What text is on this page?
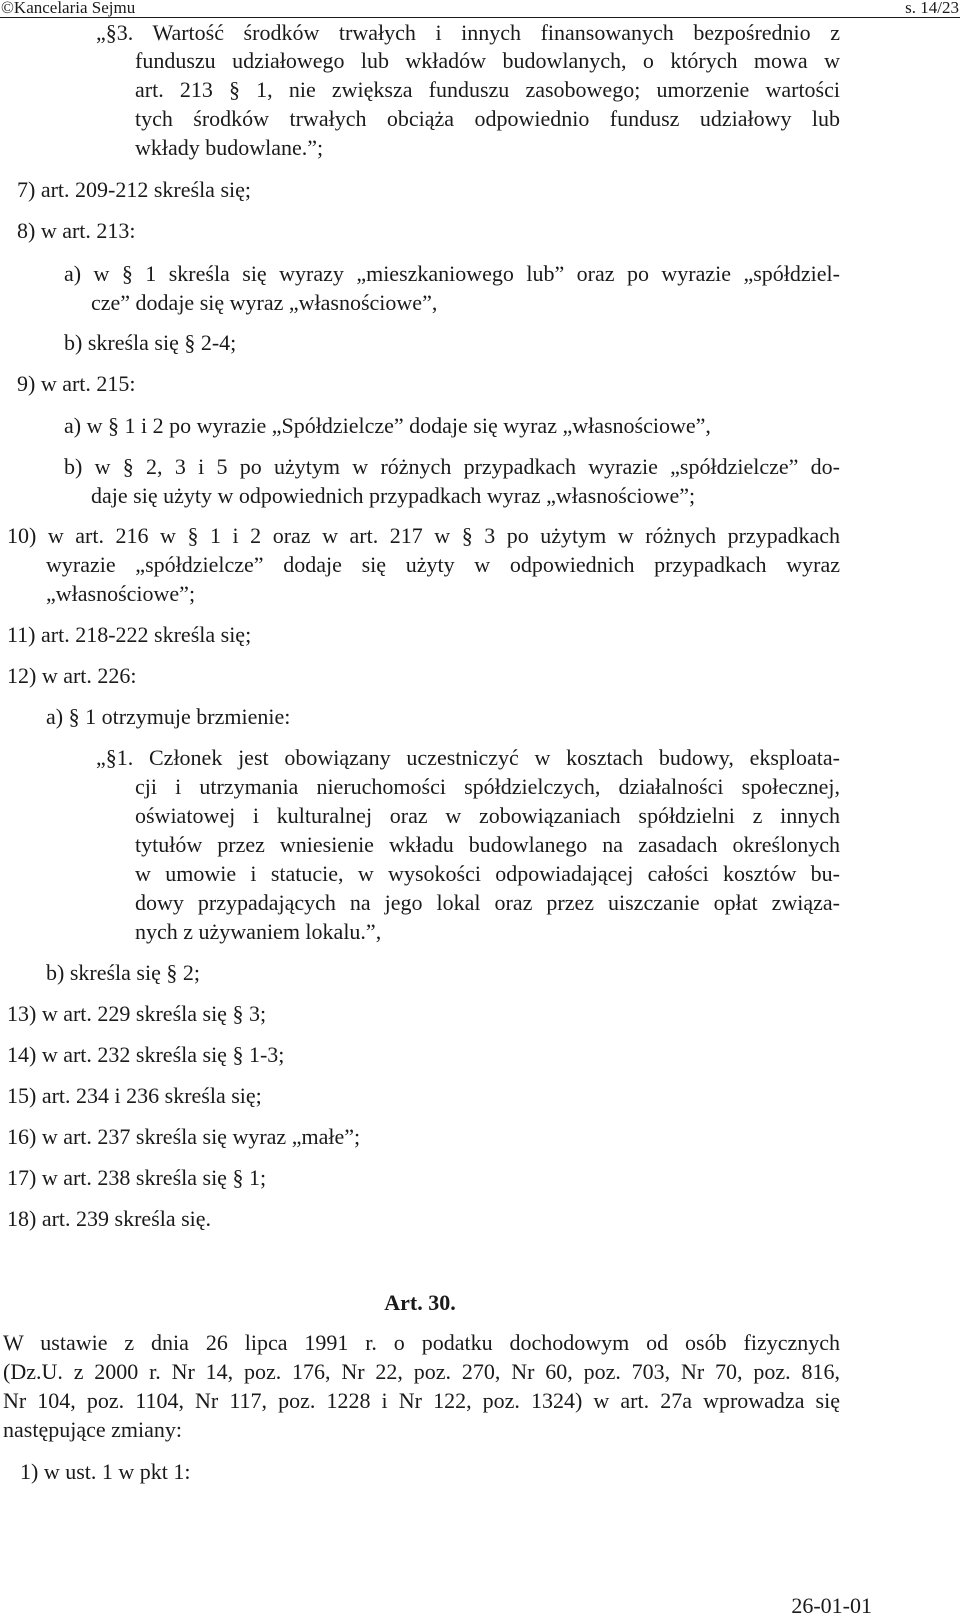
©Kancelaria Sejmu	s. 14/23
„§3. Wartość środków trwałych i innych finansowanych bezpośrednio z
funduszu udziałowego lub wkładów budowlanych, o których mowa w
art. 213 § 1, nie zwiększa funduszu zasobowego; umorzenie wartości
tych środków trwałych obciąża odpowiednio fundusz udziałowy lub
wkłady budowlane.”;
7) art. 209-212 skreśla się;
8) w art. 213:
a) w § 1 skreśla się wyrazy „mieszkaniowego lub” oraz po wyrazie „spółdziel-
cze” dodaje się wyraz „własnościowe”,
b) skreśla się § 2-4;
9) w art. 215:
a) w § 1 i 2 po wyrazie „Spółdzielcze” dodaje się wyraz „własnościowe”,
b) w § 2, 3 i 5 po użytym w różnych przypadkach wyrazie „spółdzielcze” do-
daje się użyty w odpowiednich przypadkach wyraz „własnościowe”;
10) w art. 216 w § 1 i 2 oraz w art. 217 w § 3 po użytym w różnych przypadkach
wyrazie „spółdzielcze” dodaje się użyty w odpowiednich przypadkach wyraz
„własnościowe”;
11) art. 218-222 skreśla się;
12) w art. 226:
a) § 1 otrzymuje brzmienie:
„§1. Członek jest obowiązany uczestniczyć w kosztach budowy, eksploata-
cji i utrzymania nieruchomości spółdzielczych, działalności społecznej,
oświatowej i kulturalnej oraz w zobowiązaniach spółdzielni z innych
tytułów przez wniesienie wkładu budowlanego na zasadach określonych
w umowie i statucie, w wysokości odpowiadającej całości kosztów bu-
dowy przypadających na jego lokal oraz przez uiszczanie opłat związa-
nych z używaniem lokalu.”,
b) skreśla się § 2;
13) w art. 229 skreśla się § 3;
14) w art. 232 skreśla się § 1-3;
15) art. 234 i 236 skreśla się;
16) w art. 237 skreśla się wyraz „małe”;
17) w art. 238 skreśla się § 1;
18) art. 239 skreśla się.
Art. 30.
W ustawie z dnia 26 lipca 1991 r. o podatku dochodowym od osób fizycznych
(Dz.U. z 2000 r. Nr 14, poz. 176, Nr 22, poz. 270, Nr 60, poz. 703, Nr 70, poz. 816,
Nr 104, poz. 1104, Nr 117, poz. 1228 i Nr 122, poz. 1324) w art. 27a wprowadza się
następujące zmiany:
1) w ust. 1 w pkt 1:
26-01-01
